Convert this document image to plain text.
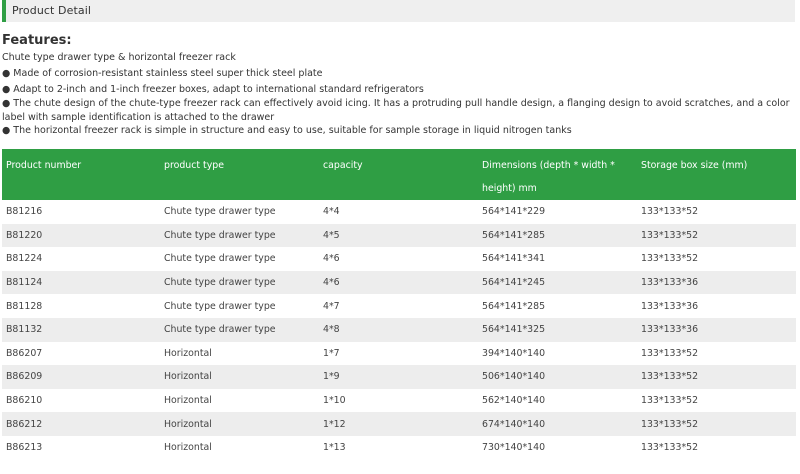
Product Detail
Features:
Chute type drawer type & horizontal freezer rack
● Made of corrosion-resistant stainless steel super thick steel plate
● Adapt to 2-inch and 1-inch freezer boxes, adapt to international standard refrigerators
● The chute design of the chute-type freezer rack can effectively avoid icing. It has a protruding pull handle design, a flanging design to avoid scratches, and a color label with sample identification is attached to the drawer
● The horizontal freezer rack is simple in structure and easy to use, suitable for sample storage in liquid nitrogen tanks
Product number	product type	capacity	Dimensions (depth * width * height) mm	Storage box size (mm)
B81216	Chute type drawer type	4*4	564*141*229	133*133*52
B81220	Chute type drawer type	4*5	564*141*285	133*133*52
B81224	Chute type drawer type	4*6	564*141*341	133*133*52
B81124	Chute type drawer type	4*6	564*141*245	133*133*36
B81128	Chute type drawer type	4*7	564*141*285	133*133*36
B81132	Chute type drawer type	4*8	564*141*325	133*133*36
B86207	Horizontal	1*7	394*140*140	133*133*52
B86209	Horizontal	1*9	506*140*140	133*133*52
B86210	Horizontal	1*10	562*140*140	133*133*52
B86212	Horizontal	1*12	674*140*140	133*133*52
B86213	Horizontal	1*13	730*140*140	133*133*52
